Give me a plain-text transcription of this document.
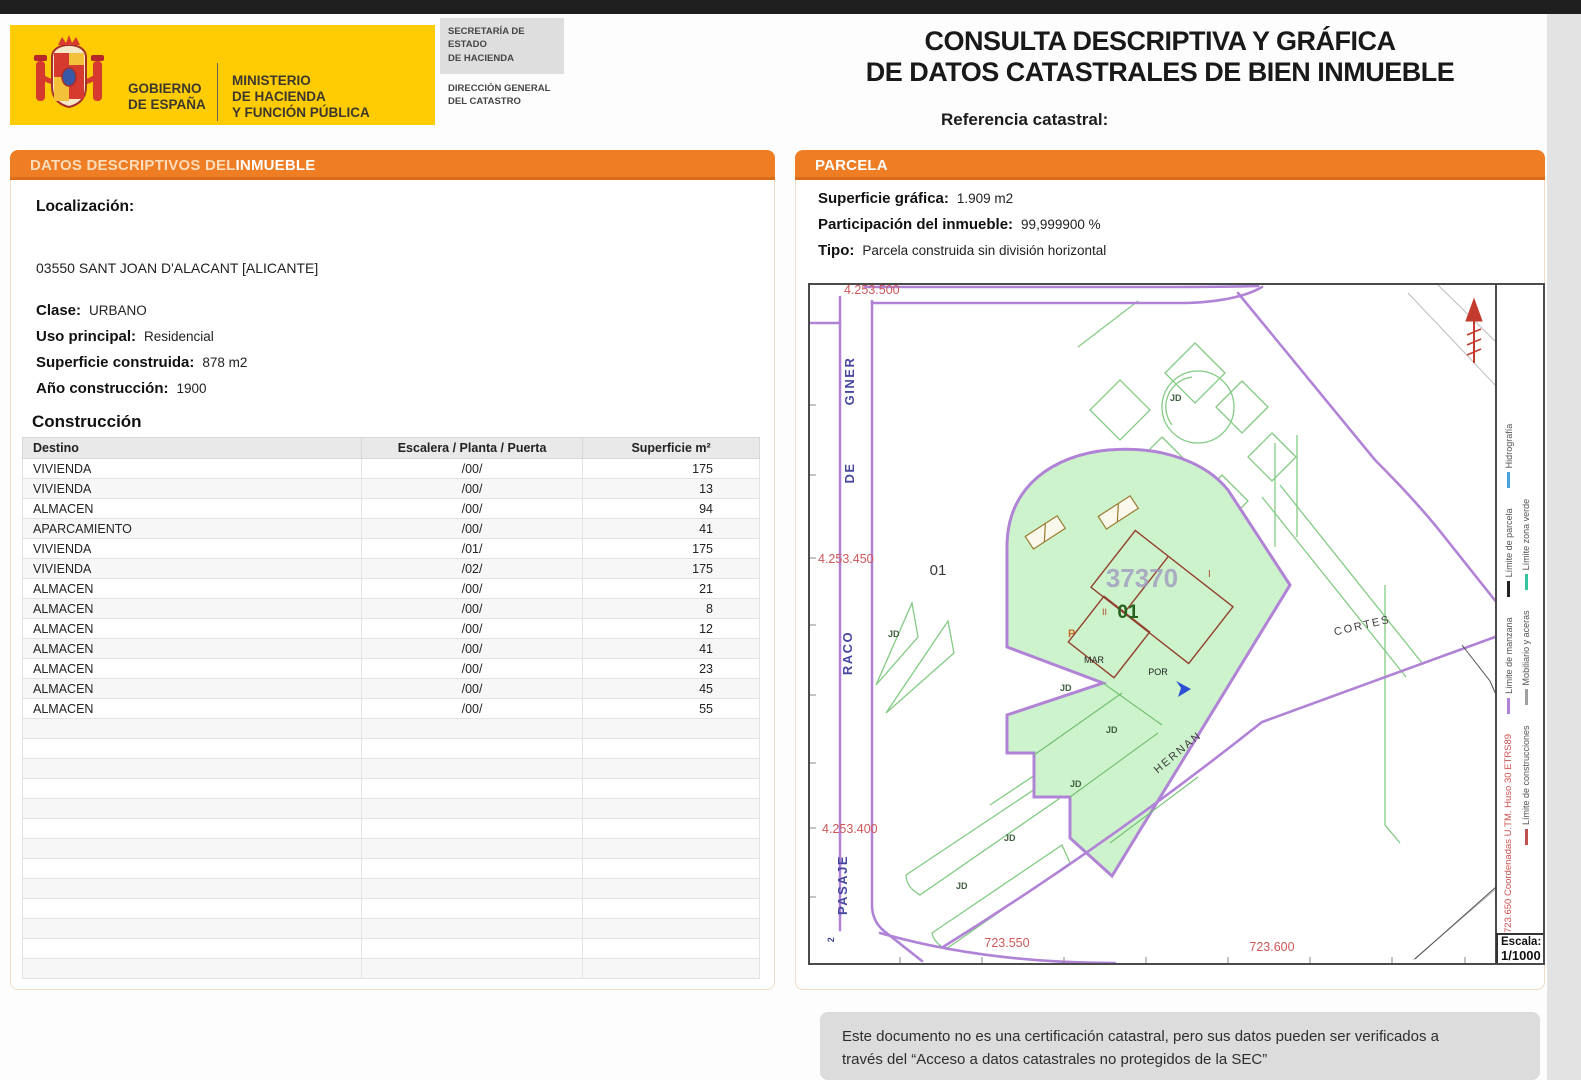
GOBIERNO
DE ESPAÑA
MINISTERIO
DE HACIENDA
Y FUNCIÓN PÚBLICA
SECRETARÍA DE ESTADO
DE HACIENDA
DIRECCIÓN GENERAL
DEL CATASTRO
CONSULTA DESCRIPTIVA Y GRÁFICA
DE DATOS CATASTRALES DE BIEN INMUEBLE
Referencia catastral:
DATOS DESCRIPTIVOS DEL INMUEBLE
Localización:
03550 SANT JOAN D'ALACANT [ALICANTE]
Clase: URBANO
Uso principal: Residencial
Superficie construida: 878 m2
Año construcción: 1900
Construcción
Destino	Escalera / Planta / Puerta	Superficie m²
VIVIENDA	/00/	175
VIVIENDA	/00/	13
ALMACEN	/00/	94
APARCAMIENTO	/00/	41
VIVIENDA	/01/	175
VIVIENDA	/02/	175
ALMACEN	/00/	21
ALMACEN	/00/	8
ALMACEN	/00/	12
ALMACEN	/00/	41
ALMACEN	/00/	23
ALMACEN	/00/	45
ALMACEN	/00/	55

PARCELA
Superficie gráfica: 1.909 m2
Participación del inmueble: 99,999900 %
Tipo: Parcela construida sin división horizontal
4.253.500
4.253.450
4.253.400
723.550	723.600
GINER
DE
RACO
PASAJE
2
HERNAN
CORTES
37370
01
01	I
II
P
MAR
POR
JD
JD
JD
JD
JD
JD
JD	723.650 Coordenadas U.TM. Huso 30 ETRS89
Límite de manzana
Límite de parcela
Hidrografía
Límite de construcciones
Mobiliario y aceras
Límite zona verde
Escala:
1/1000
Este documento no es una certificación catastral, pero sus datos pueden ser verificados a
través del “Acceso a datos catastrales no protegidos de la SEC”
